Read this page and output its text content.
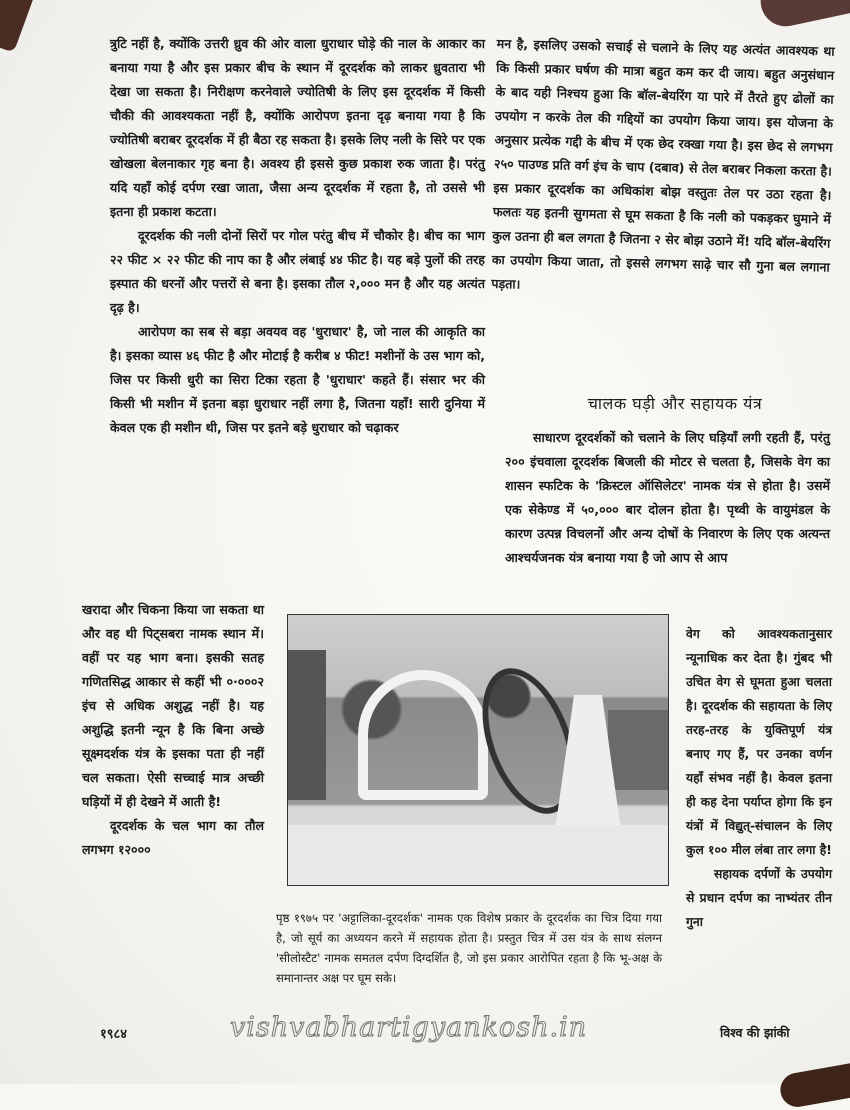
त्रुटि नहीं है, क्योंकि उत्तरी ध्रुव की ओर वाला धुराधार घोड़े की नाल के आकार का बनाया गया है और इस प्रकार बीच के स्थान में दूरदर्शक को लाकर ध्रुवतारा भी देखा जा सकता है। निरीक्षण करनेवाले ज्योतिषी के लिए इस दूरदर्शक में किसी चौकी की आवश्यकता नहीं है, क्योंकि आरोपण इतना दृढ़ बनाया गया है कि ज्योतिषी बराबर दूरदर्शक में ही बैठा रह सकता है। इसके लिए नली के सिरे पर एक खोखला बेलनाकार गृह बना है। अवश्य ही इससे कुछ प्रकाश रुक जाता है। परंतु यदि यहाँ कोई दर्पण रखा जाता, जैसा अन्य दूरदर्शक में रहता है, तो उससे भी इतना ही प्रकाश कटता।

दूरदर्शक की नली दोनों सिरों पर गोल परंतु बीच में चौकोर है। बीच का भाग २२ फीट × २२ फीट की नाप का है और लंबाई ४४ फीट है। यह बड़े पुलों की तरह इस्पात की धरनों और पत्तरों से बना है। इसका तौल २,००० मन है और यह अत्यंत दृढ़ है।

आरोपण का सब से बड़ा अवयव वह 'धुराधार' है, जो नाल की आकृति का है। इसका व्यास ४६ फीट है और मोटाई है करीब ४ फीट! मशीनों के उस भाग को, जिस पर किसी धुरी का सिरा टिका रहता है 'धुराधार' कहते हैं। संसार भर की किसी भी मशीन में इतना बड़ा धुराधार नहीं लगा है, जितना यहाँ! सारी दुनिया में केवल एक ही मशीन थी, जिस पर इतने बड़े धुराधार को चढ़ाकर

खरादा और चिकना किया जा सकता था और वह थी पिट्सबरा नामक स्थान में। वहीं पर यह भाग बना। इसकी सतह गणितसिद्ध आकार से कहीं भी ०·०००२ इंच से अधिक अशुद्ध नहीं है। यह अशुद्धि इतनी न्यून है कि बिना अच्छे सूक्ष्मदर्शक यंत्र के इसका पता ही नहीं चल सकता। ऐसी सच्चाई मात्र अच्छी घड़ियों में ही देखने में आती है!

दूरदर्शक के चल भाग का तौल लगभग १२०००

मन है, इसलिए उसको सचाई से चलाने के लिए यह अत्यंत आवश्यक था कि किसी प्रकार घर्षण की मात्रा बहुत कम कर दी जाय। बहुत अनुसंधान के बाद यही निश्चय हुआ कि बॉल-बेयरिंग या पारे में तैरते हुए ढोलों का उपयोग न करके तेल की गद्दियों का उपयोग किया जाय। इस योजना के अनुसार प्रत्येक गद्दी के बीच में एक छेद रक्खा गया है। इस छेद से लगभग २५० पाउण्ड प्रति वर्ग इंच के चाप (दबाव) से तेल बराबर निकला करता है। इस प्रकार दूरदर्शक का अधिकांश बोझ वस्तुतः तेल पर उठा रहता है। फलतः यह इतनी सुगमता से घूम सकता है कि नली को पकड़कर घुमाने में कुल उतना ही बल लगता है जितना २ सेर बोझ उठाने में! यदि बॉल-बेयरिंग का उपयोग किया जाता, तो इससे लगभग साढ़े चार सौ गुना बल लगाना पड़ता।

चालक घड़ी और सहायक यंत्र

साधारण दूरदर्शकों को चलाने के लिए घड़ियाँ लगी रहती हैं, परंतु २०० इंचवाला दूरदर्शक बिजली की मोटर से चलता है, जिसके वेग का शासन स्फटिक के 'क्रिस्टल ऑसिलेटर' नामक यंत्र से होता है। उसमें एक सेकेण्ड में ५०,००० बार दोलन होता है। पृथ्वी के वायुमंडल के कारण उत्पन्न विचलनों और अन्य दोषों के निवारण के लिए एक अत्यन्त आश्चर्यजनक यंत्र बनाया गया है जो आप से आप

वेग को आवश्यकतानुसार न्यूनाधिक कर देता है। गुंबद भी उचित वेग से घूमता हुआ चलता है। दूरदर्शक की सहायता के लिए तरह-तरह के युक्तिपूर्ण यंत्र बनाए गए हैं, पर उनका वर्णन यहाँ संभव नहीं है। केवल इतना ही कह देना पर्याप्त होगा कि इन यंत्रों में विद्युत्-संचालन के लिए कुल १०० मील लंबा तार लगा है!

सहायक दर्पणों के उपयोग से प्रधान दर्पण का नाभ्यंतर तीन गुना

पृष्ठ १९७५ पर 'अट्टालिका-दूरदर्शक' नामक एक विशेष प्रकार के दूरदर्शक का चित्र दिया गया है, जो सूर्य का अध्ययन करने में सहायक होता है। प्रस्तुत चित्र में उस यंत्र के साथ संलग्न 'सीलोस्टैट' नामक समतल दर्पण दिग्दर्शित है, जो इस प्रकार आरोपित रहता है कि भू-अक्ष के समानान्तर अक्ष पर घूम सके।
१९८४	vishvabhartigyankosh.in	विश्व की झांकी
